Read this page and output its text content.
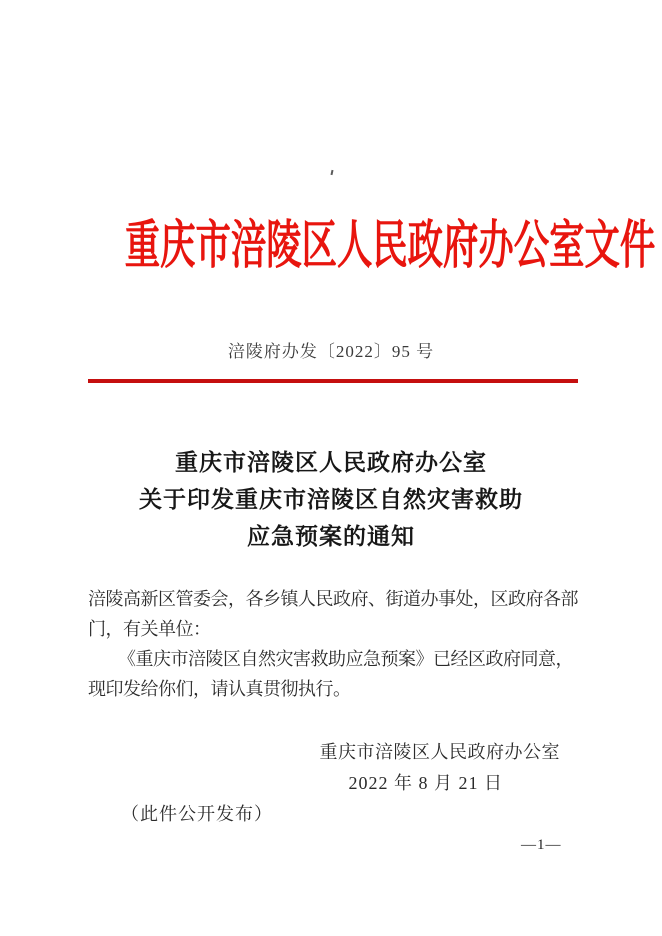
重庆市涪陵区人民政府办公室文件
涪陵府办发〔2022〕95 号
重庆市涪陵区人民政府办公室
关于印发重庆市涪陵区自然灾害救助
应急预案的通知
涪陵高新区管委会，各乡镇人民政府、街道办事处，区政府各部
门，有关单位：
《重庆市涪陵区自然灾害救助应急预案》已经区政府同意，
现印发给你们，请认真贯彻执行。
重庆市涪陵区人民政府办公室
2022 年 8 月 21 日
（此件公开发布）
—1—
